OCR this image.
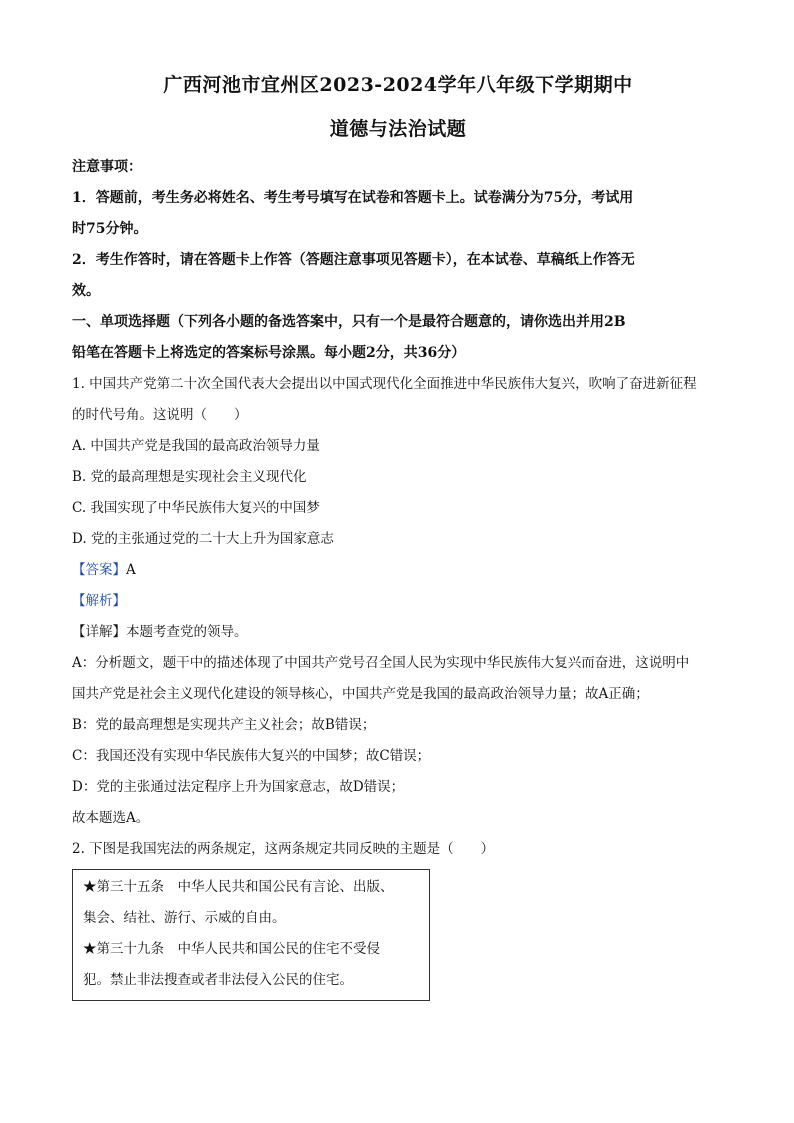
广西河池市宜州区2023-2024学年八年级下学期期中

道德与法治试题

注意事项：

1．答题前，考生务必将姓名、考生考号填写在试卷和答题卡上。试卷满分为75分，考试用

时75分钟。

2．考生作答时，请在答题卡上作答（答题注意事项见答题卡），在本试卷、草稿纸上作答无

效。

一、单项选择题（下列各小题的备选答案中，只有一个是最符合题意的，请你选出并用2B

铅笔在答题卡上将选定的答案标号涂黑。每小题2分，共36分）

1. 中国共产党第二十次全国代表大会提出以中国式现代化全面推进中华民族伟大复兴，吹响了奋进新征程

的时代号角。这说明（　　）

A. 中国共产党是我国的最高政治领导力量

B. 党的最高理想是实现社会主义现代化

C. 我国实现了中华民族伟大复兴的中国梦

D. 党的主张通过党的二十大上升为国家意志

【答案】A

【解析】

【详解】本题考查党的领导。

A：分析题文，题干中的描述体现了中国共产党号召全国人民为实现中华民族伟大复兴而奋进，这说明中

国共产党是社会主义现代化建设的领导核心，中国共产党是我国的最高政治领导力量；故A正确；

B：党的最高理想是实现共产主义社会；故B错误；

C：我国还没有实现中华民族伟大复兴的中国梦；故C错误；

D：党的主张通过法定程序上升为国家意志，故D错误；

故本题选A。

2. 下图是我国宪法的两条规定，这两条规定共同反映的主题是（　　）

★第三十五条　中华人民共和国公民有言论、出版、

集会、结社、游行、示威的自由。

★第三十九条　中华人民共和国公民的住宅不受侵

犯。禁止非法搜查或者非法侵入公民的住宅。
